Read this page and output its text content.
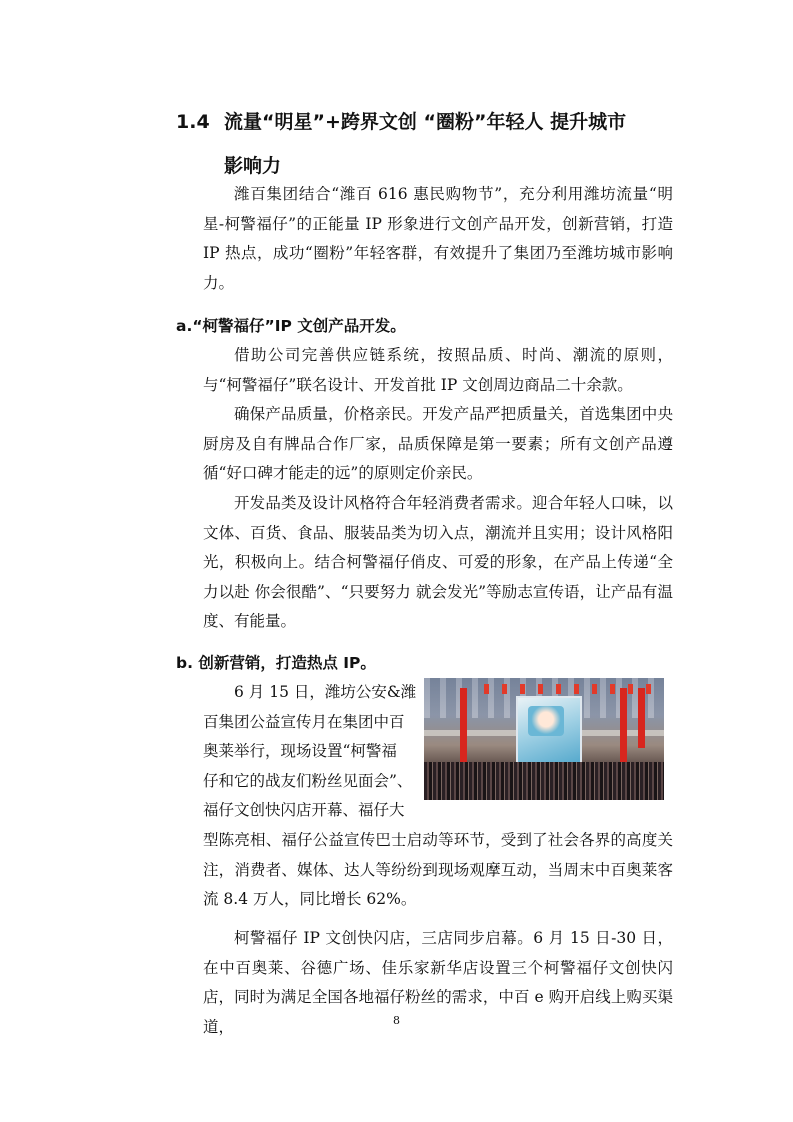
1.4 流量“明星”+跨界文创 “圈粉”年轻人 提升城市
影响力

潍百集团结合“潍百 616 惠民购物节”，充分利用潍坊流量“明星-柯警福仔”的正能量 IP 形象进行文创产品开发，创新营销，打造 IP 热点，成功“圈粉”年轻客群，有效提升了集团乃至潍坊城市影响力。

a.“柯警福仔”IP 文创产品开发。

借助公司完善供应链系统，按照品质、时尚、潮流的原则，与“柯警福仔”联名设计、开发首批 IP 文创周边商品二十余款。

确保产品质量，价格亲民。开发产品严把质量关，首选集团中央厨房及自有牌品合作厂家，品质保障是第一要素；所有文创产品遵循“好口碑才能走的远”的原则定价亲民。

开发品类及设计风格符合年轻消费者需求。迎合年轻人口味，以文体、百货、食品、服装品类为切入点，潮流并且实用；设计风格阳光，积极向上。结合柯警福仔俏皮、可爱的形象，在产品上传递“全力以赴 你会很酷”、“只要努力 就会发光”等励志宣传语，让产品有温度、有能量。

b. 创新营销，打造热点 IP。

6 月 15 日，潍坊公安&潍
百集团公益宣传月在集团中百
奥莱举行，现场设置“柯警福
仔和它的战友们粉丝见面会”、
福仔文创快闪店开幕、福仔大

型陈亮相、福仔公益宣传巴士启动等环节，受到了社会各界的高度关注，消费者、媒体、达人等纷纷到现场观摩互动，当周末中百奥莱客流 8.4 万人，同比增长 62%。

柯警福仔 IP 文创快闪店，三店同步启幕。6 月 15 日-30 日，在中百奥莱、谷德广场、佳乐家新华店设置三个柯警福仔文创快闪店，同时为满足全国各地福仔粉丝的需求，中百 e 购开启线上购买渠道，	8
